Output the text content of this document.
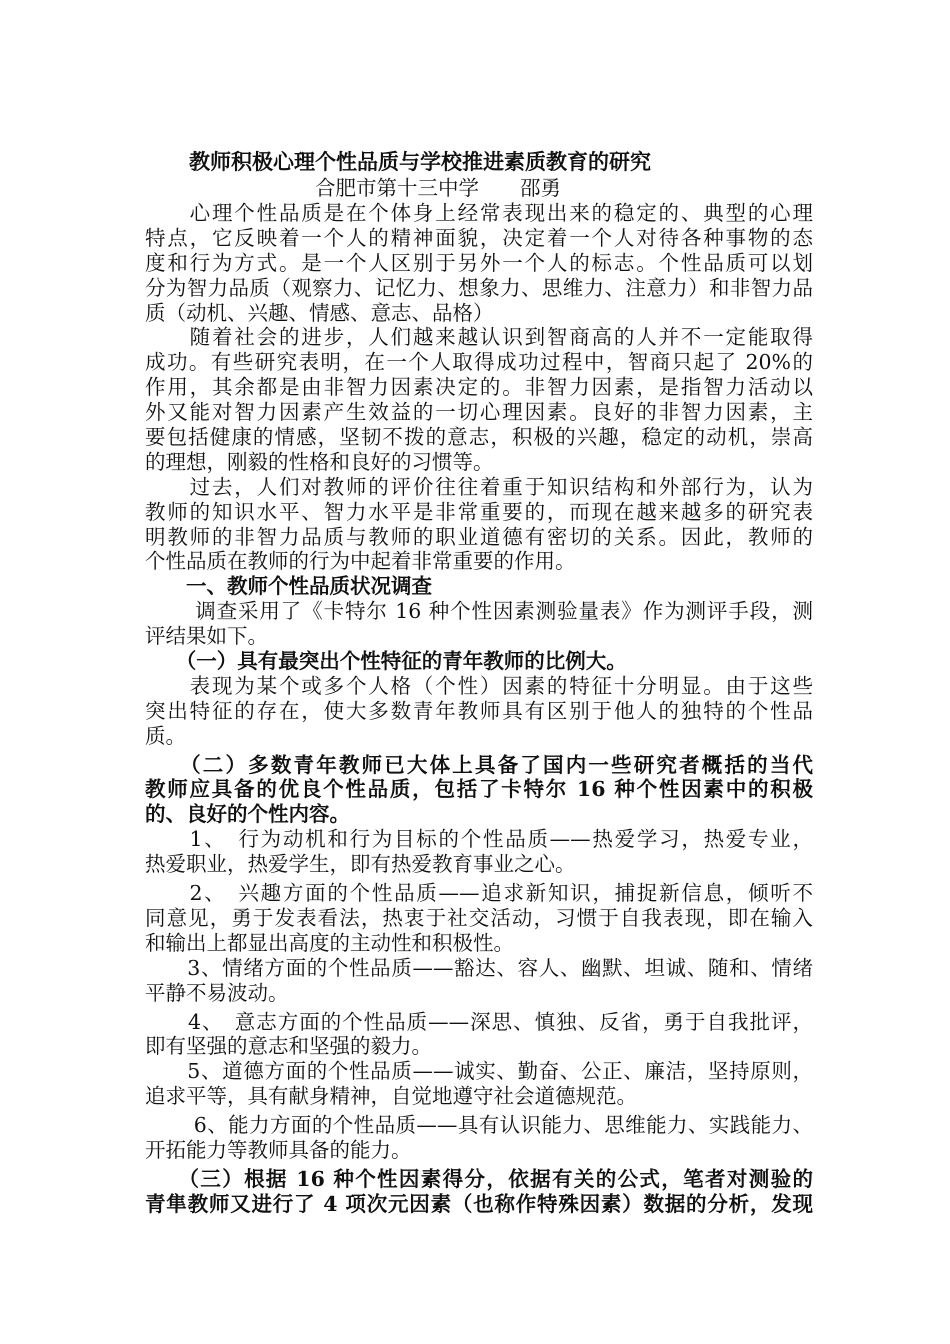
教师积极心理个性品质与学校推进素质教育的研究
合肥市第十三中学　　邵勇
　　心理个性品质是在个体身上经常表现出来的稳定的、典型的心理
特点，它反映着一个人的精神面貌，决定着一个人对待各种事物的态
度和行为方式。是一个人区别于另外一个人的标志。个性品质可以划
分为智力品质（观察力、记忆力、想象力、思维力、注意力）和非智力品
质（动机、兴趣、情感、意志、品格）
　　随着社会的进步，人们越来越认识到智商高的人并不一定能取得
成功。有些研究表明，在一个人取得成功过程中，智商只起了 20%的
作用，其余都是由非智力因素决定的。非智力因素，是指智力活动以
外又能对智力因素产生效益的一切心理因素。良好的非智力因素，主
要包括健康的情感，坚韧不拨的意志，积极的兴趣，稳定的动机，崇高
的理想，刚毅的性格和良好的习惯等。
　　过去，人们对教师的评价往往着重于知识结构和外部行为，认为
教师的知识水平、智力水平是非常重要的，而现在越来越多的研究表
明教师的非智力品质与教师的职业道德有密切的关系。因此，教师的
个性品质在教师的行为中起着非常重要的作用。
　　一、教师个性品质状况调查
　　 调查采用了《卡特尔 16 种个性因素测验量表》作为测评手段，测
评结果如下。
　　（一）具有最突出个性特征的青年教师的比例大。
　　表现为某个或多个人格（个性）因素的特征十分明显。由于这些
突出特征的存在，使大多数青年教师具有区别于他人的独特的个性品
质。
　　（二）多数青年教师已大体上具备了国内一些研究者概括的当代
教师应具备的优良个性品质，包括了卡特尔 16 种个性因素中的积极
的、良好的个性内容。
　　1、　行为动机和行为目标的个性品质——热爱学习，热爱专业，
热爱职业，热爱学生，即有热爱教育事业之心。
　　2、　兴趣方面的个性品质——追求新知识，捕捉新信息，倾听不
同意见，勇于发表看法，热衷于社交活动，习惯于自我表现，即在输入
和输出上都显出高度的主动性和积极性。
　　3、情绪方面的个性品质——豁达、容人、幽默、坦诚、随和、情绪
平静不易波动。
　　4、　意志方面的个性品质——深思、慎独、反省，勇于自我批评，
即有坚强的意志和坚强的毅力。
　　5、道德方面的个性品质——诚实、勤奋、公正、廉洁，坚持原则，
追求平等，具有献身精神，自觉地遵守社会道德规范。
　　 6、能力方面的个性品质——具有认识能力、思维能力、实践能力、
开拓能力等教师具备的能力。
　　（三）根据 16 种个性因素得分，依据有关的公式，笔者对测验的
青隼教师又进行了 4 项次元因素（也称作特殊因素）数据的分析，发现
